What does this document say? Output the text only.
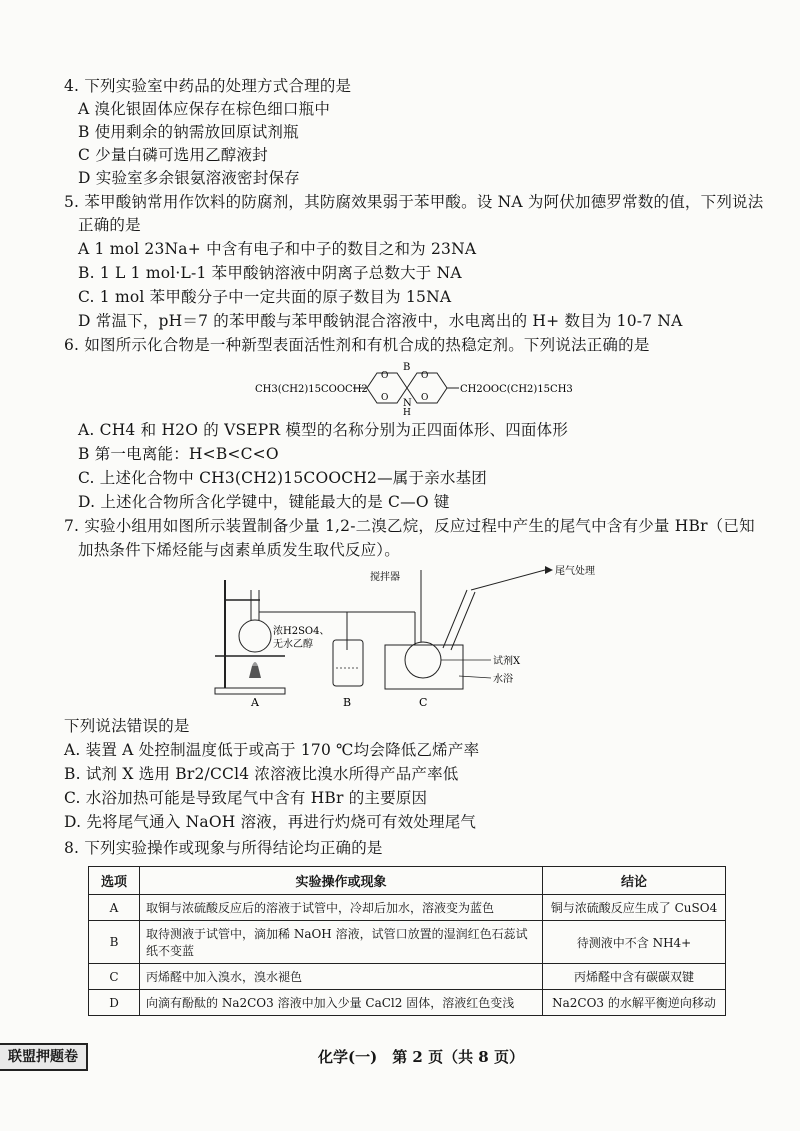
4. 下列实验室中药品的处理方式合理的是
A 溴化银固体应保存在棕色细口瓶中
B 使用剩余的钠需放回原试剂瓶
C 少量白磷可选用乙醇液封
D 实验室多余银氨溶液密封保存
5. 苯甲酸钠常用作饮料的防腐剂，其防腐效果弱于苯甲酸。设 NA 为阿伏加德罗常数的值，下列说法
正确的是
A 1 mol 23Na+ 中含有电子和中子的数目之和为 23NA
B. 1 L 1 mol·L-1 苯甲酸钠溶液中阴离子总数大于 NA
C. 1 mol 苯甲酸分子中一定共面的原子数目为 15NA
D 常温下，pH＝7 的苯甲酸与苯甲酸钠混合溶液中，水电离出的 H+ 数目为 10-7 NA
6. 如图所示化合物是一种新型表面活性剂和有机合成的热稳定剂。下列说法正确的是
CH3(CH2)15COOCH2
B
O	O
O	O
N
H
CH2OOC(CH2)15CH3
A. CH4 和 H2O 的 VSEPR 模型的名称分别为正四面体形、四面体形
B 第一电离能：H<B<C<O
C. 上述化合物中 CH3(CH2)15COOCH2—属于亲水基团
D. 上述化合物所含化学键中，键能最大的是 C—O 键
7. 实验小组用如图所示装置制备少量 1,2-二溴乙烷，反应过程中产生的尾气中含有少量 HBr（已知
加热条件下烯烃能与卤素单质发生取代反应）。
A
浓H2SO4、
无水乙醇
B
搅拌器
尾气处理
试剂X
水浴
C
下列说法错误的是
A. 装置 A 处控制温度低于或高于 170 ℃均会降低乙烯产率
B. 试剂 X 选用 Br2/CCl4 浓溶液比溴水所得产品产率低
C. 水浴加热可能是导致尾气中含有 HBr 的主要原因
D. 先将尾气通入 NaOH 溶液，再进行灼烧可有效处理尾气
8. 下列实验操作或现象与所得结论均正确的是
选项	实验操作或现象	结论
A	取铜与浓硫酸反应后的溶液于试管中，冷却后加水，溶液变为蓝色	铜与浓硫酸反应生成了 CuSO4
B	取待测液于试管中，滴加稀 NaOH 溶液，试管口放置的湿润红色石蕊试纸不变蓝	待测液中不含 NH4+
C	丙烯醛中加入溴水，溴水褪色	丙烯醛中含有碳碳双键
D	向滴有酚酞的 Na2CO3 溶液中加入少量 CaCl2 固体，溶液红色变浅	Na2CO3 的水解平衡逆向移动
联盟押题卷	化学(一)　第 2 页（共 8 页）
